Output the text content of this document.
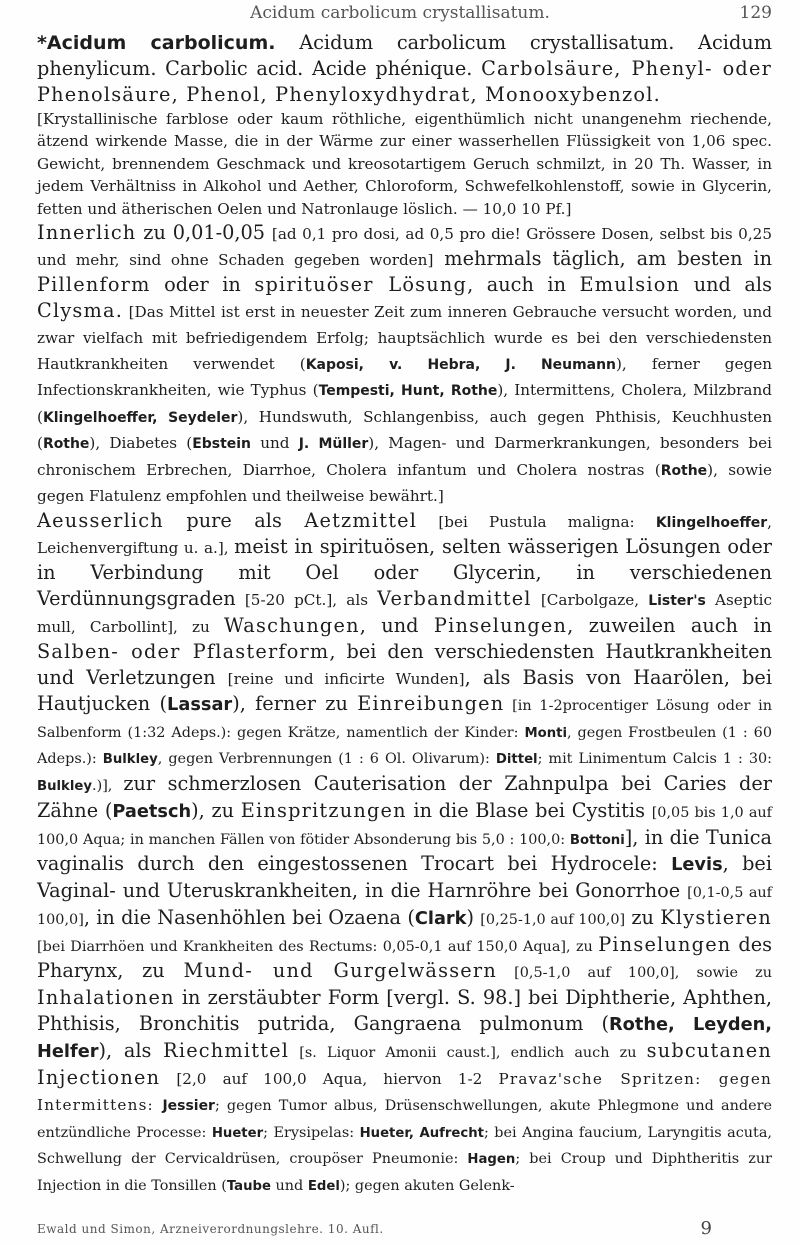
Acidum carbolicum crystallisatum.	129

*Acidum carbolicum. Acidum carbolicum crystallisatum. Acidum phenylicum. Carbolic acid. Acide phénique. Carbolsäure, Phenyl- oder Phenolsäure, Phenol, Phenyloxydhydrat, Monooxybenzol.

[Krystallinische farblose oder kaum röthliche, eigenthümlich nicht unangenehm riechende, ätzend wirkende Masse, die in der Wärme zur einer wasserhellen Flüssigkeit von 1,06 spec. Gewicht, brennendem Geschmack und kreosotartigem Geruch schmilzt, in 20 Th. Wasser, in jedem Verhältniss in Alkohol und Aether, Chloroform, Schwefelkohlenstoff, sowie in Glycerin, fetten und ätherischen Oelen und Natronlauge löslich. — 10,0 10 Pf.]

Innerlich zu 0,01-0,05 [ad 0,1 pro dosi, ad 0,5 pro die! Grössere Dosen, selbst bis 0,25 und mehr, sind ohne Schaden gegeben worden] mehrmals täglich, am besten in Pillenform oder in spirituöser Lösung, auch in Emulsion und als Clysma. [Das Mittel ist erst in neuester Zeit zum inneren Gebrauche versucht worden, und zwar vielfach mit befriedigendem Erfolg; hauptsächlich wurde es bei den verschiedensten Hautkrankheiten verwendet (Kaposi, v. Hebra, J. Neumann), ferner gegen Infectionskrankheiten, wie Typhus (Tempesti, Hunt, Rothe), Intermittens, Cholera, Milzbrand (Klingelhoeffer, Seydeler), Hundswuth, Schlangenbiss, auch gegen Phthisis, Keuchhusten (Rothe), Diabetes (Ebstein und J. Müller), Magen- und Darmerkrankungen, besonders bei chronischem Erbrechen, Diarrhoe, Cholera infantum und Cholera nostras (Rothe), sowie gegen Flatulenz empfohlen und theilweise bewährt.]

Aeusserlich pure als Aetzmittel [bei Pustula maligna: Klingelhoeffer, Leichenvergiftung u. a.], meist in spirituösen, selten wässerigen Lösungen oder in Verbindung mit Oel oder Glycerin, in verschiedenen Verdünnungsgraden [5-20 pCt.], als Verbandmittel [Carbolgaze, Lister's Aseptic mull, Carbollint], zu Waschungen, und Pinselungen, zuweilen auch in Salben- oder Pflasterform, bei den verschiedensten Hautkrankheiten und Verletzungen [reine und inficirte Wunden], als Basis von Haarölen, bei Hautjucken (Lassar), ferner zu Einreibungen [in 1-2procentiger Lösung oder in Salbenform (1:32 Adeps.): gegen Krätze, namentlich der Kinder: Monti, gegen Frostbeulen (1 : 60 Adeps.): Bulkley, gegen Verbrennungen (1 : 6 Ol. Olivarum): Dittel; mit Linimentum Calcis 1 : 30: Bulkley.)], zur schmerzlosen Cauterisation der Zahnpulpa bei Caries der Zähne (Paetsch), zu Einspritzungen in die Blase bei Cystitis [0,05 bis 1,0 auf 100,0 Aqua; in manchen Fällen von fötider Absonderung bis 5,0 : 100,0: Bottoni], in die Tunica vaginalis durch den eingestossenen Trocart bei Hydrocele: Levis, bei Vaginal- und Uteruskrankheiten, in die Harnröhre bei Gonorrhoe [0,1-0,5 auf 100,0], in die Nasenhöhlen bei Ozaena (Clark) [0,25-1,0 auf 100,0] zu Klystieren [bei Diarrhöen und Krankheiten des Rectums: 0,05-0,1 auf 150,0 Aqua], zu Pinselungen des Pharynx, zu Mund- und Gurgelwässern [0,5-1,0 auf 100,0], sowie zu Inhalationen in zerstäubter Form [vergl. S. 98.] bei Diphtherie, Aphthen, Phthisis, Bronchitis putrida, Gangraena pulmonum (Rothe, Leyden, Helfer), als Riechmittel [s. Liquor Amonii caust.], endlich auch zu subcutanen Injectionen [2,0 auf 100,0 Aqua, hiervon 1-2 Pravaz'sche Spritzen: gegen Intermittens: Jessier; gegen Tumor albus, Drüsenschwellungen, akute Phlegmone und andere entzündliche Processe: Hueter; Erysipelas: Hueter, Aufrecht; bei Angina faucium, Laryngitis acuta, Schwellung der Cervicaldrüsen, croupöser Pneumonie: Hagen; bei Croup und Diphtheritis zur Injection in die Tonsillen (Taube und Edel); gegen akuten Gelenk-

Ewald und Simon, Arzneiverordnungslehre. 10. Aufl.	9
